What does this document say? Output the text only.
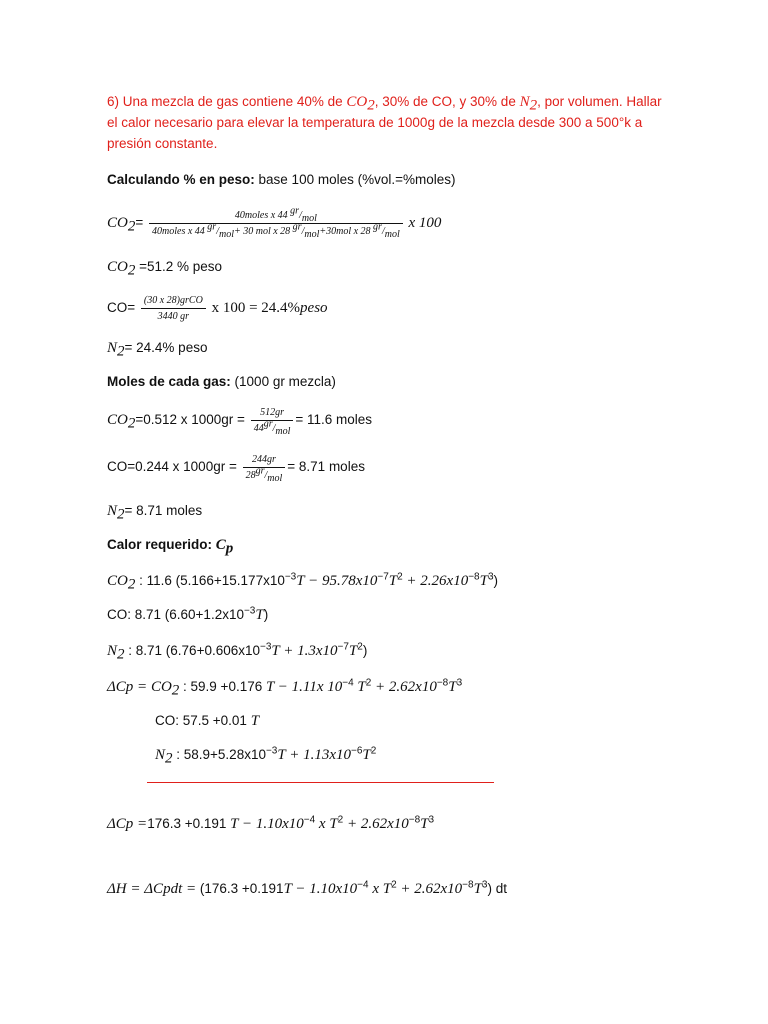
6) Una mezcla de gas contiene 40% de $CO_2$, 30% de CO, y 30% de $N_2$, por volumen. Hallar
el calor necesario para elevar la temperatura de 1000g de la mezcla desde 300 a 500°k a
presión constante.
Calculando % en peso: base 100 moles (%vol.=%moles)
$CO_2= \frac{40moles x 44 ^{gr}/_{mol}}{40moles x 44 ^{gr}/_{mol}+ 30 mol x 28 ^{gr}/_{mol}+30mol x 28 ^{gr}/_{mol}}$ x 100
$CO_2 =51.2$ % peso
$CO= \frac{\text{(30 x 28)grCO}}{3440 gr}$ x 100 = 24.4%peso
$N_2= 24.4\%$ peso
Moles de cada gas: (1000 gr mezcla)
$CO_2=0.512$ x $1000gr = \frac{512gr}{44^{gr}/_{mol}} = 11.6$ moles
CO=0.244 x $1000gr = \frac{244gr}{28^{gr}/_{mol}} = 8.71$ moles
$N_2= 8.71$ moles
Calor requerido: $C_p$
$CO_2$ : 11.6 $(5.166+15.177x10^{-3}T - 95.78x10^{-7}T^2 + 2.26x10^{-8}T^3)$
CO: 8.71 $(6.60+1.2x10^{-3}T)$
$N_2$ : 8.71 $(6.76+0.606x10^{-3}T + 1.3x10^{-7}T^2)$
$\Delta Cp = CO_2$ : 59.9 +0.176 T − 1.11x $10^{-4}$ $T^2 + 2.62x10^{-8}T^3$
CO: 57.5 +0.01 T
$N_2$ : $58.9+5.28x10^{-3}T + 1.13x10^{-6}T^2$
ΔCp =176.3 +0.191 $T - 1.10x10^{-4}$ x $T^2 + 2.62x10^{-8}T^3$
ΔH = ΔCpdt = ($176.3 +0.191T - 1.10x10^{-4}$ x $T^2 + 2.62x10^{-8}T^3$) dt
